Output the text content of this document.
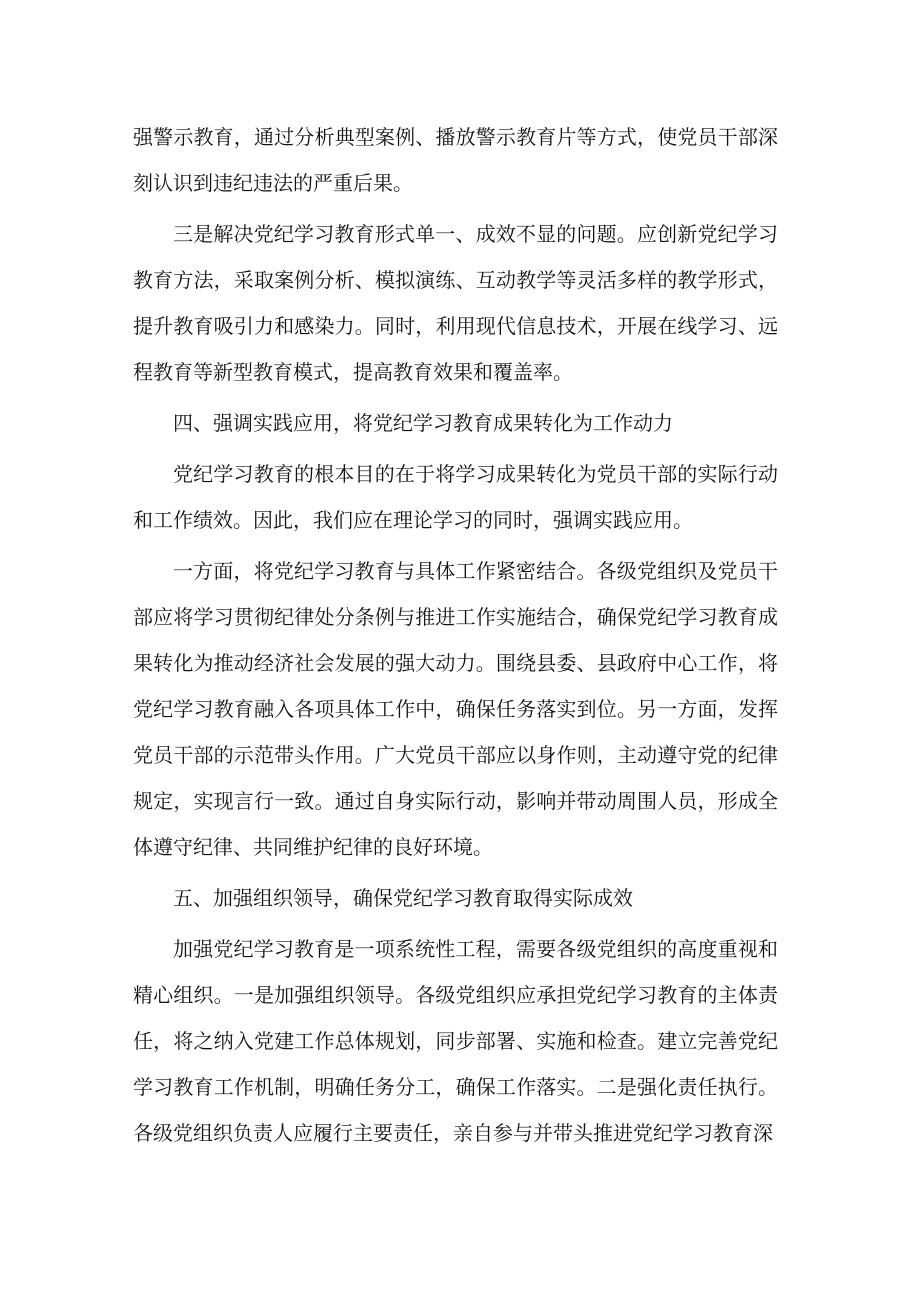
强警示教育，通过分析典型案例、播放警示教育片等方式，使党员干部深刻认识到违纪违法的严重后果。

三是解决党纪学习教育形式单一、成效不显的问题。应创新党纪学习教育方法，采取案例分析、模拟演练、互动教学等灵活多样的教学形式，提升教育吸引力和感染力。同时，利用现代信息技术，开展在线学习、远程教育等新型教育模式，提高教育效果和覆盖率。

四、强调实践应用，将党纪学习教育成果转化为工作动力

党纪学习教育的根本目的在于将学习成果转化为党员干部的实际行动和工作绩效。因此，我们应在理论学习的同时，强调实践应用。

一方面，将党纪学习教育与具体工作紧密结合。各级党组织及党员干部应将学习贯彻纪律处分条例与推进工作实施结合，确保党纪学习教育成果转化为推动经济社会发展的强大动力。围绕县委、县政府中心工作，将党纪学习教育融入各项具体工作中，确保任务落实到位。另一方面，发挥党员干部的示范带头作用。广大党员干部应以身作则，主动遵守党的纪律规定，实现言行一致。通过自身实际行动，影响并带动周围人员，形成全体遵守纪律、共同维护纪律的良好环境。

五、加强组织领导，确保党纪学习教育取得实际成效

加强党纪学习教育是一项系统性工程，需要各级党组织的高度重视和精心组织。一是加强组织领导。各级党组织应承担党纪学习教育的主体责任，将之纳入党建工作总体规划，同步部署、实施和检查。建立完善党纪学习教育工作机制，明确任务分工，确保工作落实。二是强化责任执行。各级党组织负责人应履行主要责任，亲自参与并带头推进党纪学习教育深
